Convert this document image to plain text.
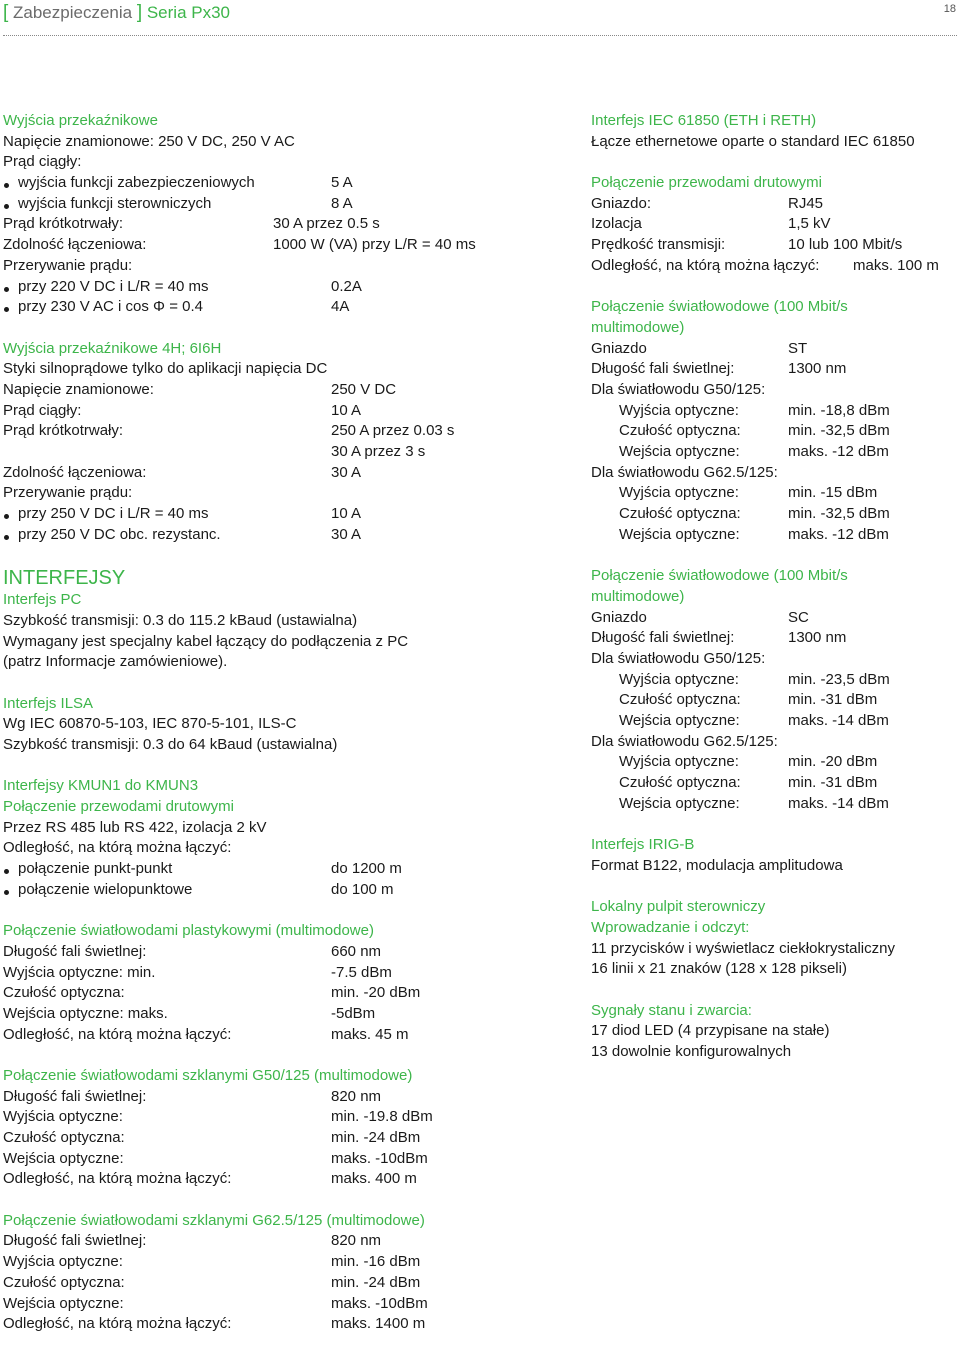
[ Zabezpieczenia ] Seria Px30	18
Wyjścia przekaźnikowe
Napięcie znamionowe: 250 V DC, 250 V AC
Prąd ciągły:
wyjścia funkcji zabezpieczeniowych	5 A
wyjścia funkcji sterowniczych	8 A
Prąd krótkotrwały:	30 A przez 0.5 s
Zdolność łączeniowa:	1000 W (VA) przy L/R = 40 ms
Przerywanie prądu:
przy 220 V DC i L/R = 40 ms	0.2A
przy 230 V AC i cos Φ = 0.4	4A
Wyjścia przekaźnikowe 4H; 6I6H
Styki silnoprądowe tylko do aplikacji napięcia DC
Napięcie znamionowe:	250 V DC
Prąd ciągły:	10 A
Prąd krótkotrwały:	250 A przez 0.03 s
30 A przez 3 s
Zdolność łączeniowa:	30 A
Przerywanie prądu:
przy 250 V DC i L/R = 40 ms	10 A
przy 250 V DC obc. rezystanc.	30 A
INTERFEJSY
Interfejs PC
Szybkość transmisji: 0.3 do 115.2 kBaud (ustawialna)
Wymagany jest specjalny kabel łączący do podłączenia z PC
(patrz Informacje zamówieniowe).
Interfejs ILSA
Wg IEC 60870-5-103, IEC 870-5-101, ILS-C
Szybkość transmisji: 0.3 do 64 kBaud (ustawialna)
Interfejsy KMUN1 do KMUN3
Połączenie przewodami drutowymi
Przez RS 485 lub RS 422, izolacja 2 kV
Odległość, na którą można łączyć:
połączenie punkt-punkt	do 1200 m
połączenie wielopunktowe	do 100 m
Połączenie światłowodami plastykowymi (multimodowe)
Długość fali świetlnej:	660 nm
Wyjścia optyczne: min.	-7.5 dBm
Czułość optyczna:	min. -20 dBm
Wejścia optyczne: maks.	-5dBm
Odległość, na którą można łączyć:	maks. 45 m
Połączenie światłowodami szklanymi G50/125 (multimodowe)
Długość fali świetlnej:	820 nm
Wyjścia optyczne:	min. -19.8 dBm
Czułość optyczna:	min. -24 dBm
Wejścia optyczne:	maks. -10dBm
Odległość, na którą można łączyć:	maks. 400 m
Połączenie światłowodami szklanymi G62.5/125 (multimodowe)
Długość fali świetlnej:	820 nm
Wyjścia optyczne:	min. -16 dBm
Czułość optyczna:	min. -24 dBm
Wejścia optyczne:	maks. -10dBm
Odległość, na którą można łączyć:	maks. 1400 m
Interfejs IEC 61850 (ETH i RETH)
Łącze ethernetowe oparte o standard IEC 61850
Połączenie przewodami drutowymi
Gniazdo:	RJ45
Izolacja	1,5 kV
Prędkość transmisji:	10 lub 100 Mbit/s
Odległość, na którą można łączyć: maks. 100 m
Połączenie światłowodowe (100 Mbit/s
multimodowe)
Gniazdo	ST
Długość fali świetlnej:	1300 nm
Dla światłowodu G50/125:
Wyjścia optyczne:	min. -18,8 dBm
Czułość optyczna:	min. -32,5 dBm
Wejścia optyczne:	maks. -12 dBm
Dla światłowodu G62.5/125:
Wyjścia optyczne:	min. -15 dBm
Czułość optyczna:	min. -32,5 dBm
Wejścia optyczne:	maks. -12 dBm
Połączenie światłowodowe (100 Mbit/s
multimodowe)
Gniazdo	SC
Długość fali świetlnej:	1300 nm
Dla światłowodu G50/125:
Wyjścia optyczne:	min. -23,5 dBm
Czułość optyczna:	min. -31 dBm
Wejścia optyczne:	maks. -14 dBm
Dla światłowodu G62.5/125:
Wyjścia optyczne:	min. -20 dBm
Czułość optyczna:	min. -31 dBm
Wejścia optyczne:	maks. -14 dBm
Interfejs IRIG-B
Format B122, modulacja amplitudowa
Lokalny pulpit sterowniczy
Wprowadzanie i odczyt:
11 przycisków i wyświetlacz ciekłokrystaliczny
16 linii x 21 znaków (128 x 128 pikseli)
Sygnały stanu i zwarcia:
17 diod LED (4 przypisane na stałe)
13 dowolnie konfigurowalnych
